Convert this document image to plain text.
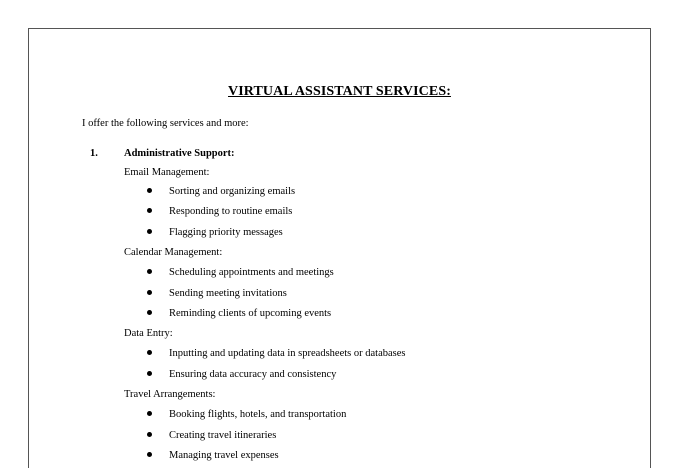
VIRTUAL ASSISTANT SERVICES:
I offer the following services and more:
1. Administrative Support:
Email Management:
Sorting and organizing emails
Responding to routine emails
Flagging priority messages
Calendar Management:
Scheduling appointments and meetings
Sending meeting invitations
Reminding clients of upcoming events
Data Entry:
Inputting and updating data in spreadsheets or databases
Ensuring data accuracy and consistency
Travel Arrangements:
Booking flights, hotels, and transportation
Creating travel itineraries
Managing travel expenses
